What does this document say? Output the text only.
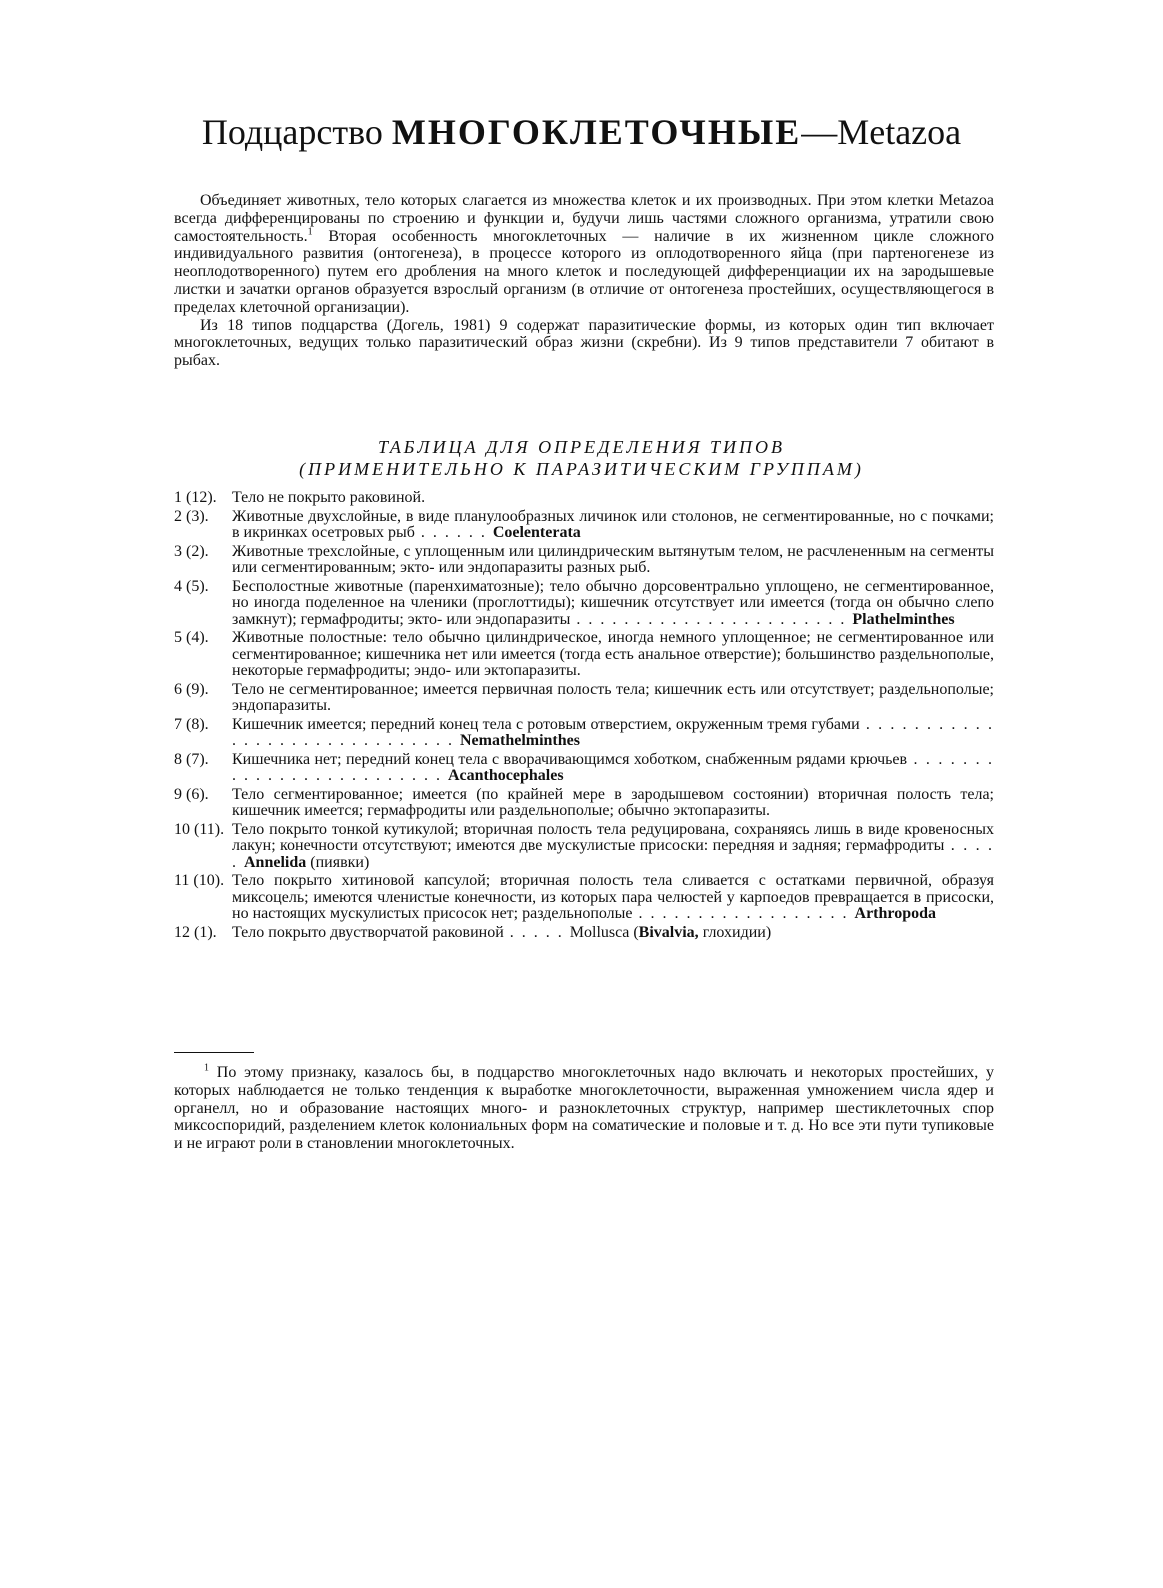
Подцарство МНОГОКЛЕТОЧНЫЕ—Metazoa

Объединяет животных, тело которых слагается из множества клеток и их производных. При этом клетки Metazoa всегда дифференцированы по строению и функции и, будучи лишь частями сложного организма, утратили свою самостоятельность.$^1$ Вторая особенность многоклеточных — наличие в их жизненном цикле сложного индивидуального развития (онтогенеза), в процессе которого из оплодотворенного яйца (при партеногенезе из неоплодотворенного) путем его дробления на много клеток и последующей дифференциации их на зародышевые листки и зачатки органов образуется взрослый организм (в отличие от онтогенеза простейших, осуществляющегося в пределах клеточной организации).

Из 18 типов подцарства (Догель, 1981) 9 содержат паразитические формы, из которых один тип включает многоклеточных, ведущих только паразитический образ жизни (скребни). Из 9 типов представители 7 обитают в рыбах.

ТАБЛИЦА ДЛЯ ОПРЕДЕЛЕНИЯ ТИПОВ
(ПРИМЕНИТЕЛЬНО К ПАРАЗИТИЧЕСКИМ ГРУППАМ)
1 (12). Тело не покрыто раковиной.
2 (3).	Животные двухслойные, в виде планулообразных личинок или столонов, не сегментированные, но с почками; в икринках осетровых рыб . . . . . . Coelenterata
3 (2).	Животные трехслойные, с уплощенным или цилиндрическим вытянутым телом, не расчлененным на сегменты или сегментированным; экто- или эндопаразиты разных рыб.
4 (5).	Бесполостные животные (паренхиматозные); тело обычно дорсовентрально уплощено, не сегментированное, но иногда поделенное на членики (проглоттиды); кишечник отсутствует или имеется (тогда он обычно слепо замкнут); гермафродиты; экто- или эндопаразиты . . . . . . . . . . . . . . . . . . . . . . . Plathelminthes
5 (4).	Животные полостные: тело обычно цилиндрическое, иногда немного уплощенное; не сегментированное или сегментированное; кишечника нет или имеется (тогда есть анальное отверстие); большинство раздельнополые, некоторые гермафродиты; эндо- или эктопаразиты.
6 (9).	Тело не сегментированное; имеется первичная полость тела; кишечник есть или отсутствует; раздельнополые; эндопаразиты.
7 (8).	Кишечник имеется; передний конец тела с ротовым отверстием, окруженным тремя губами . . . . . . . . . . . . . . . . . . . . . . . . . . . . . . Nemathelminthes
8 (7).	Кишечника нет; передний конец тела с вворачивающимся хоботком, снабженным рядами крючьев . . . . . . . . . . . . . . . . . . . . . . . . . Acanthocephales
9 (6).	Тело сегментированное; имеется (по крайней мере в зародышевом состоянии) вторичная полость тела; кишечник имеется; гермафродиты или раздельнополые; обычно эктопаразиты.
10 (11). Тело покрыто тонкой кутикулой; вторичная полость тела редуцирована, сохраняясь лишь в виде кровеносных лакун; конечности отсутствуют; имеются две мускулистые присоски: передняя и задняя; гермафродиты . . . . . Annelida (пиявки)
11 (10). Тело покрыто хитиновой капсулой; вторичная полость тела сливается с остатками первичной, образуя миксоцель; имеются членистые конечности, из которых пара челюстей у карпоедов превращается в присоски, но настоящих мускулистых присосок нет; раздельнополые . . . . . . . . . . . . . . . . . . Arthropoda
12 (1). Тело покрыто двустворчатой раковиной . . . . . Mollusca (Bivalvia, глохидии)

$^1$ По этому признаку, казалось бы, в подцарство многоклеточных надо включать и некоторых простейших, у которых наблюдается не только тенденция к выработке многоклеточности, выраженная умножением числа ядер и органелл, но и образование настоящих много- и разноклеточных структур, например шестиклеточных спор миксоспоридий, разделением клеток колониальных форм на соматические и половые и т. д. Но все эти пути тупиковые и не играют роли в становлении многоклеточных.
